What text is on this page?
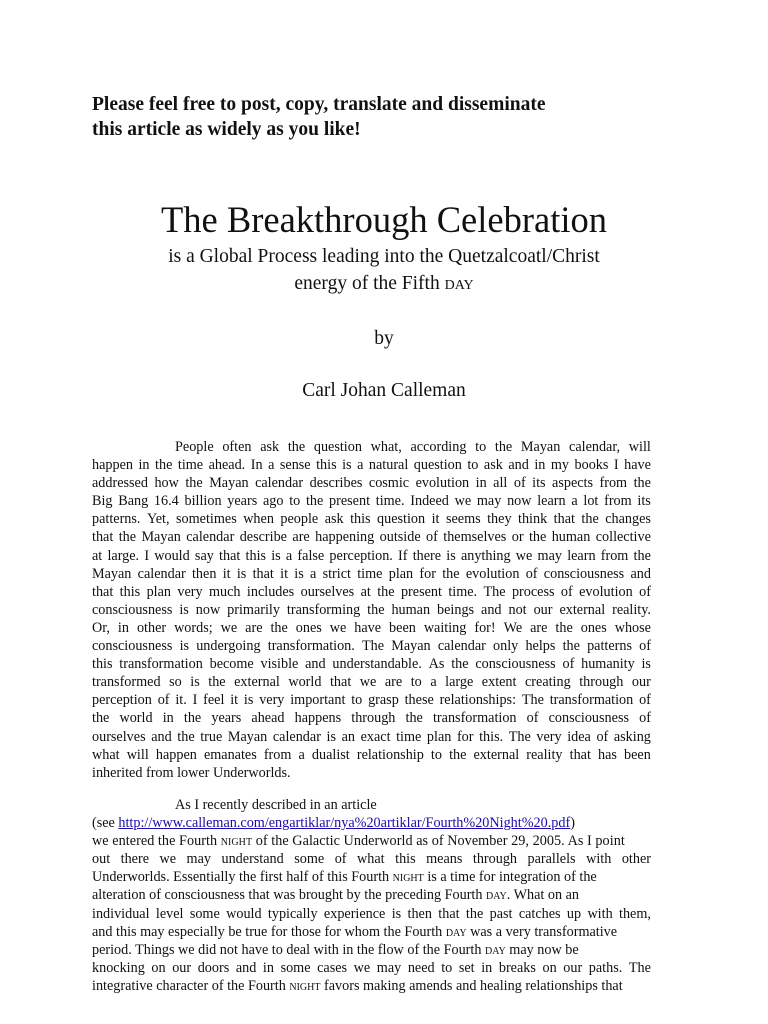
Please feel free to post, copy, translate and disseminate
this article as widely as you like!
The Breakthrough Celebration
is a Global Process leading into the Quetzalcoatl/Christ
energy of the Fifth day
by
Carl Johan Calleman
People often ask the question what, according to the Mayan calendar, will
happen in the time ahead. In a sense this is a natural question to ask and in my books I have
addressed how the Mayan calendar describes cosmic evolution in all of its aspects from the
Big Bang 16.4 billion years ago to the present time. Indeed we may now learn a lot from its
patterns. Yet, sometimes when people ask this question it seems they think that the changes
that the Mayan calendar describe are happening outside of themselves or the human collective
at large. I would say that this is a false perception. If there is anything we may learn from the
Mayan calendar then it is that it is a strict time plan for the evolution of consciousness and
that this plan very much includes ourselves at the present time. The process of evolution of
consciousness is now primarily transforming the human beings and not our external reality.
Or, in other words; we are the ones we have been waiting for! We are the ones whose
consciousness is undergoing transformation. The Mayan calendar only helps the patterns of
this transformation become visible and understandable. As the consciousness of humanity is
transformed so is the external world that we are to a large extent creating through our
perception of it. I feel it is very important to grasp these relationships: The transformation of
the world in the years ahead happens through the transformation of consciousness of
ourselves and the true Mayan calendar is an exact time plan for this. The very idea of asking
what will happen emanates from a dualist relationship to the external reality that has been
inherited from lower Underworlds.
As I recently described in an article
(see http://www.calleman.com/engartiklar/nya%20artiklar/Fourth%20Night%20.pdf )
we entered the Fourth night of the Galactic Underworld as of November 29, 2005. As I point
out there we may understand some of what this means through parallels with other
Underworlds. Essentially the first half of this Fourth night is a time for integration of the
alteration of consciousness that was brought by the preceding Fourth day . What on an
individual level some would typically experience is then that the past catches up with them,
and this may especially be true for those for whom the Fourth day was a very transformative
period. Things we did not have to deal with in the flow of the Fourth day may now be
knocking on our doors and in some cases we may need to set in breaks on our paths. The
integrative character of the Fourth night favors making amends and healing relationships that
